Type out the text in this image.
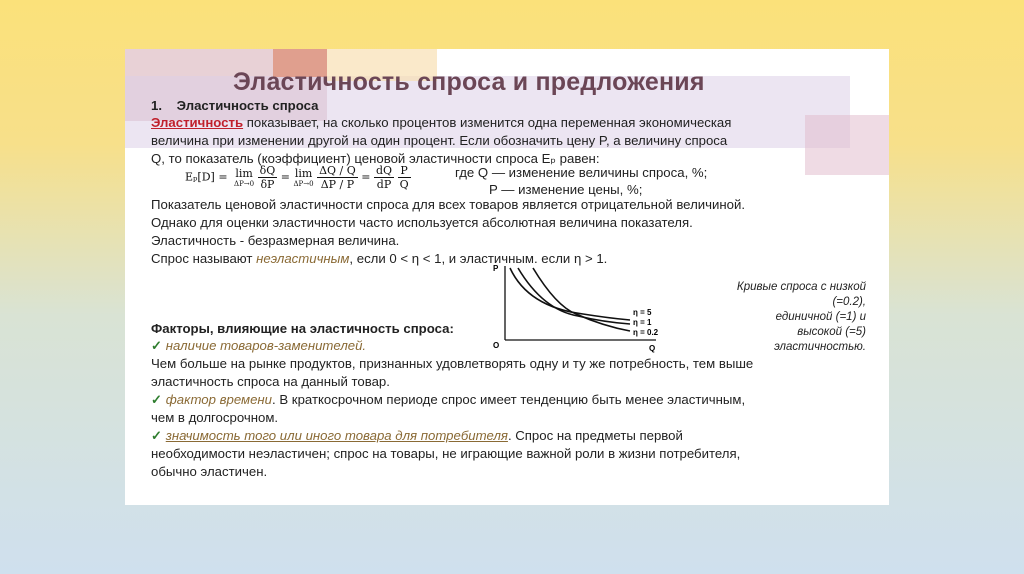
Эластичность спроса и предложения
1. Эластичность спроса
Эластичность показывает, на сколько процентов изменится одна переменная экономическая
величина при изменении другой на один процент. Если обозначить цену P, а величину спроса
Q, то показатель (коэффициент) ценовой эластичности спроса Eₚ равен:
Показатель ценовой эластичности спроса для всех товаров является отрицательной величиной.
Однако для оценки эластичности часто используется абсолютная величина показателя.
Эластичность - безразмерная величина.
Спрос называют неэластичным, если 0 < η < 1, и эластичным. если η > 1.
Факторы, влияющие на эластичность спроса:
✓ наличие товаров-заменителей.
Чем больше на рынке продуктов, признанных удовлетворять одну и ту же потребность, тем выше
эластичность спроса на данный товар.
✓ фактор времени. В краткосрочном периоде спрос имеет тенденцию быть менее эластичным,
чем в долгосрочном.
✓ значимость того или иного товара для потребителя. Спрос на предметы первой
необходимости неэластичен; спрос на товары, не играющие важной роли в жизни потребителя,
обычно эластичен.
Eₚ[D] = lim
ΔP→0
$\frac{\delta Q}{\delta P} = \lim$
ΔP→0
$\frac{\Delta Q / Q}{\Delta P / P} = \frac{dQ}{dP}$
$\frac{P}{Q}$	где Q — изменение величины спроса, %;
P — изменение цены, %;
P
O	Q
η = 5
η = 1
η = 0.2
Кривые спроса с низкой (=0.2),
единичной (=1) и
высокой (=5) эластичностью.
